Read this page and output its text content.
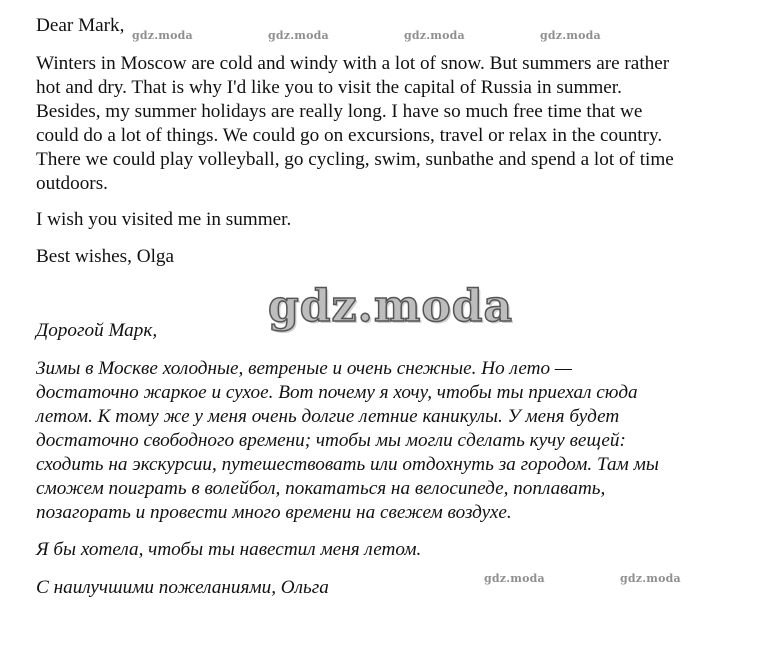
Dear Mark,

Winters in Moscow are cold and windy with a lot of snow. But summers are rather

hot and dry. That is why I'd like you to visit the capital of Russia in summer.

Besides, my summer holidays are really long. I have so much free time that we

could do a lot of things. We could go on excursions, travel or relax in the country.

There we could play volleyball, go cycling, swim, sunbathe and spend a lot of time

outdoors.

I wish you visited me in summer.

Best wishes, Olga

Дорогой Марк,

Зимы в Москве холодные, ветреные и очень снежные. Но лето —

достаточно жаркое и сухое. Вот почему я хочу, чтобы ты приехал сюда

летом. К тому же у меня очень долгие летние каникулы. У меня будет

достаточно свободного времени; чтобы мы могли сделать кучу вещей:

сходить на экскурсии, путешествовать или отдохнуть за городом. Там мы

сможем поиграть в волейбол, покататься на велосипеде, поплавать,

позагорать и провести много времени на свежем воздухе.

Я бы хотела, чтобы ты навестил меня летом.

С наилучшими пожеланиями, Ольга

gdz.moda	gdz.moda	gdz.moda	gdz.moda
gdz.moda
gdz.moda	gdz.moda
